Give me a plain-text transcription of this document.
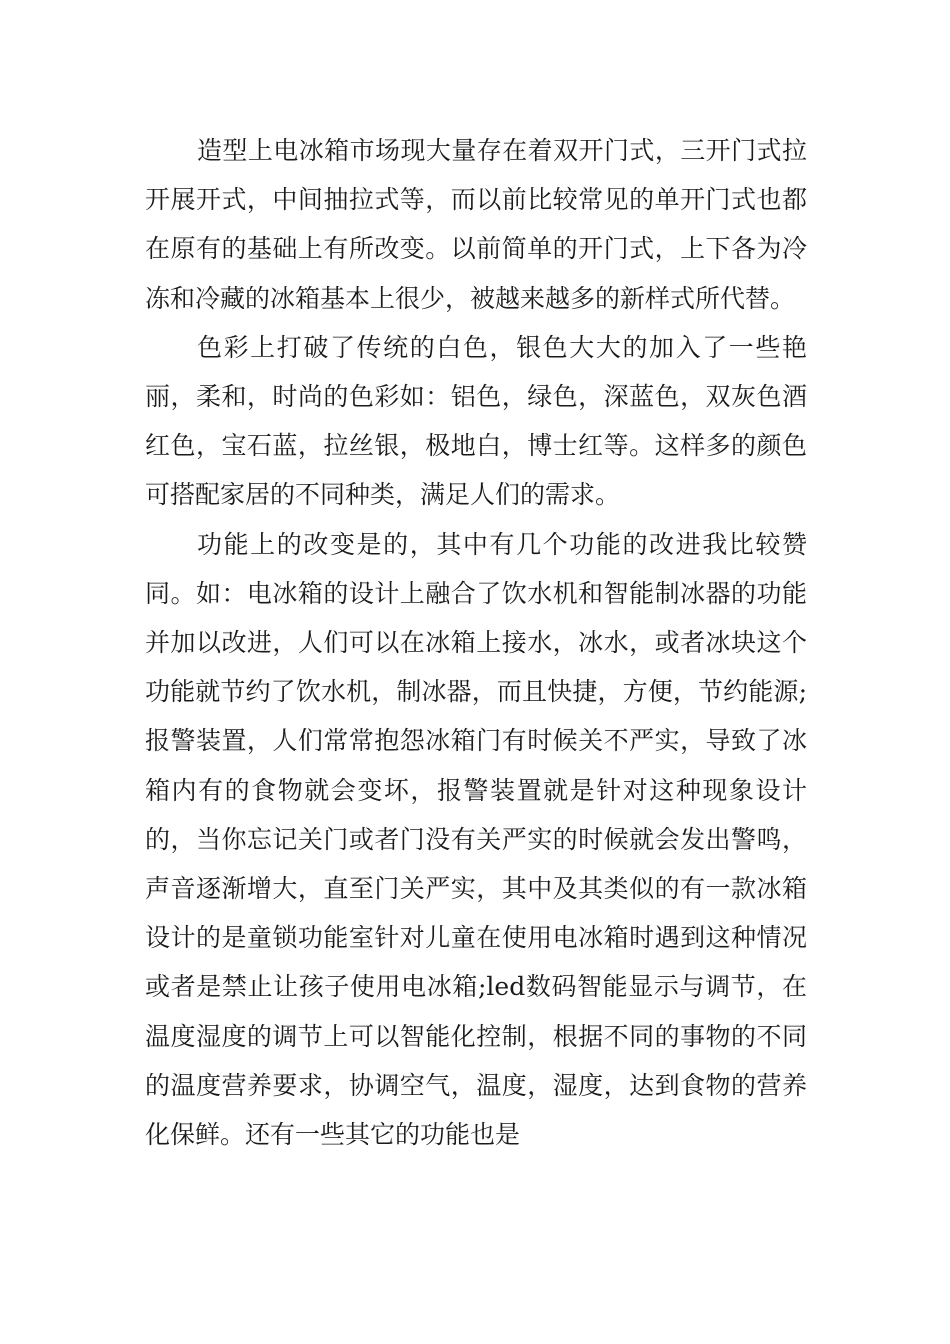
造型上电冰箱市场现大量存在着双开门式，三开门式拉开展开式，中间抽拉式等，而以前比较常见的单开门式也都在原有的基础上有所改变。以前简单的开门式，上下各为冷冻和冷藏的冰箱基本上很少，被越来越多的新样式所代替。

色彩上打破了传统的白色，银色大大的加入了一些艳丽，柔和，时尚的色彩如：铝色，绿色，深蓝色，双灰色酒红色，宝石蓝，拉丝银，极地白，博士红等。这样多的颜色可搭配家居的不同种类，满足人们的需求。

功能上的改变是的，其中有几个功能的改进我比较赞同。如：电冰箱的设计上融合了饮水机和智能制冰器的功能并加以改进，人们可以在冰箱上接水，冰水，或者冰块这个功能就节约了饮水机，制冰器，而且快捷，方便，节约能源;报警装置，人们常常抱怨冰箱门有时候关不严实，导致了冰箱内有的食物就会变坏，报警装置就是针对这种现象设计的，当你忘记关门或者门没有关严实的时候就会发出警鸣，声音逐渐增大，直至门关严实，其中及其类似的有一款冰箱设计的是童锁功能室针对儿童在使用电冰箱时遇到这种情况或者是禁止让孩子使用电冰箱;led数码智能显示与调节，在温度湿度的调节上可以智能化控制，根据不同的事物的不同的温度营养要求，协调空气，温度，湿度，达到食物的营养化保鲜。还有一些其它的功能也是
